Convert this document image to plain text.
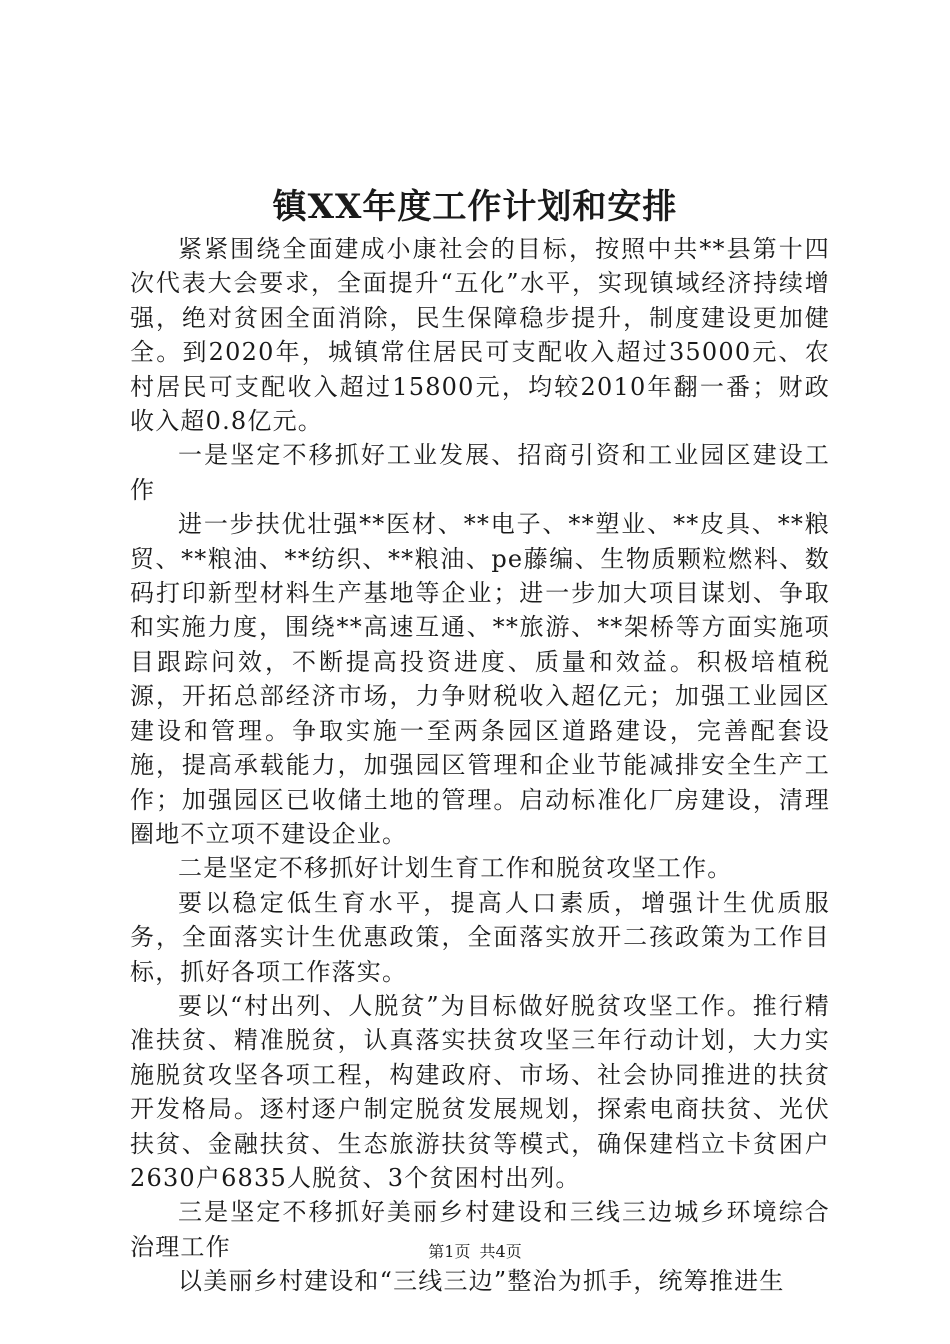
镇XX年度工作计划和安排

紧紧围绕全面建成小康社会的目标，按照中共**县第十四次代表大会要求，全面提升“五化”水平，实现镇域经济持续增强，绝对贫困全面消除，民生保障稳步提升，制度建设更加健全。到2020年，城镇常住居民可支配收入超过35000元、农村居民可支配收入超过15800元，均较2010年翻一番；财政收入超0.8亿元。

一是坚定不移抓好工业发展、招商引资和工业园区建设工作

进一步扶优壮强**医材、**电子、**塑业、**皮具、**粮贸、**粮油、**纺织、**粮油、pe藤编、生物质颗粒燃料、数码打印新型材料生产基地等企业；进一步加大项目谋划、争取和实施力度，围绕**高速互通、**旅游、**架桥等方面实施项目跟踪问效，不断提高投资进度、质量和效益。积极培植税源，开拓总部经济市场，力争财税收入超亿元；加强工业园区建设和管理。争取实施一至两条园区道路建设，完善配套设施，提高承载能力，加强园区管理和企业节能减排安全生产工作；加强园区已收储土地的管理。启动标准化厂房建设，清理圈地不立项不建设企业。

二是坚定不移抓好计划生育工作和脱贫攻坚工作。

要以稳定低生育水平，提高人口素质，增强计生优质服务，全面落实计生优惠政策，全面落实放开二孩政策为工作目标，抓好各项工作落实。

要以“村出列、人脱贫”为目标做好脱贫攻坚工作。推行精准扶贫、精准脱贫，认真落实扶贫攻坚三年行动计划，大力实施脱贫攻坚各项工程，构建政府、市场、社会协同推进的扶贫开发格局。逐村逐户制定脱贫发展规划，探索电商扶贫、光伏扶贫、金融扶贫、生态旅游扶贫等模式，确保建档立卡贫困户2630户6835人脱贫、3个贫困村出列。

三是坚定不移抓好美丽乡村建设和三线三边城乡环境综合治理工作

以美丽乡村建设和“三线三边”整治为抓手，统筹推进生

第1页 共4页
